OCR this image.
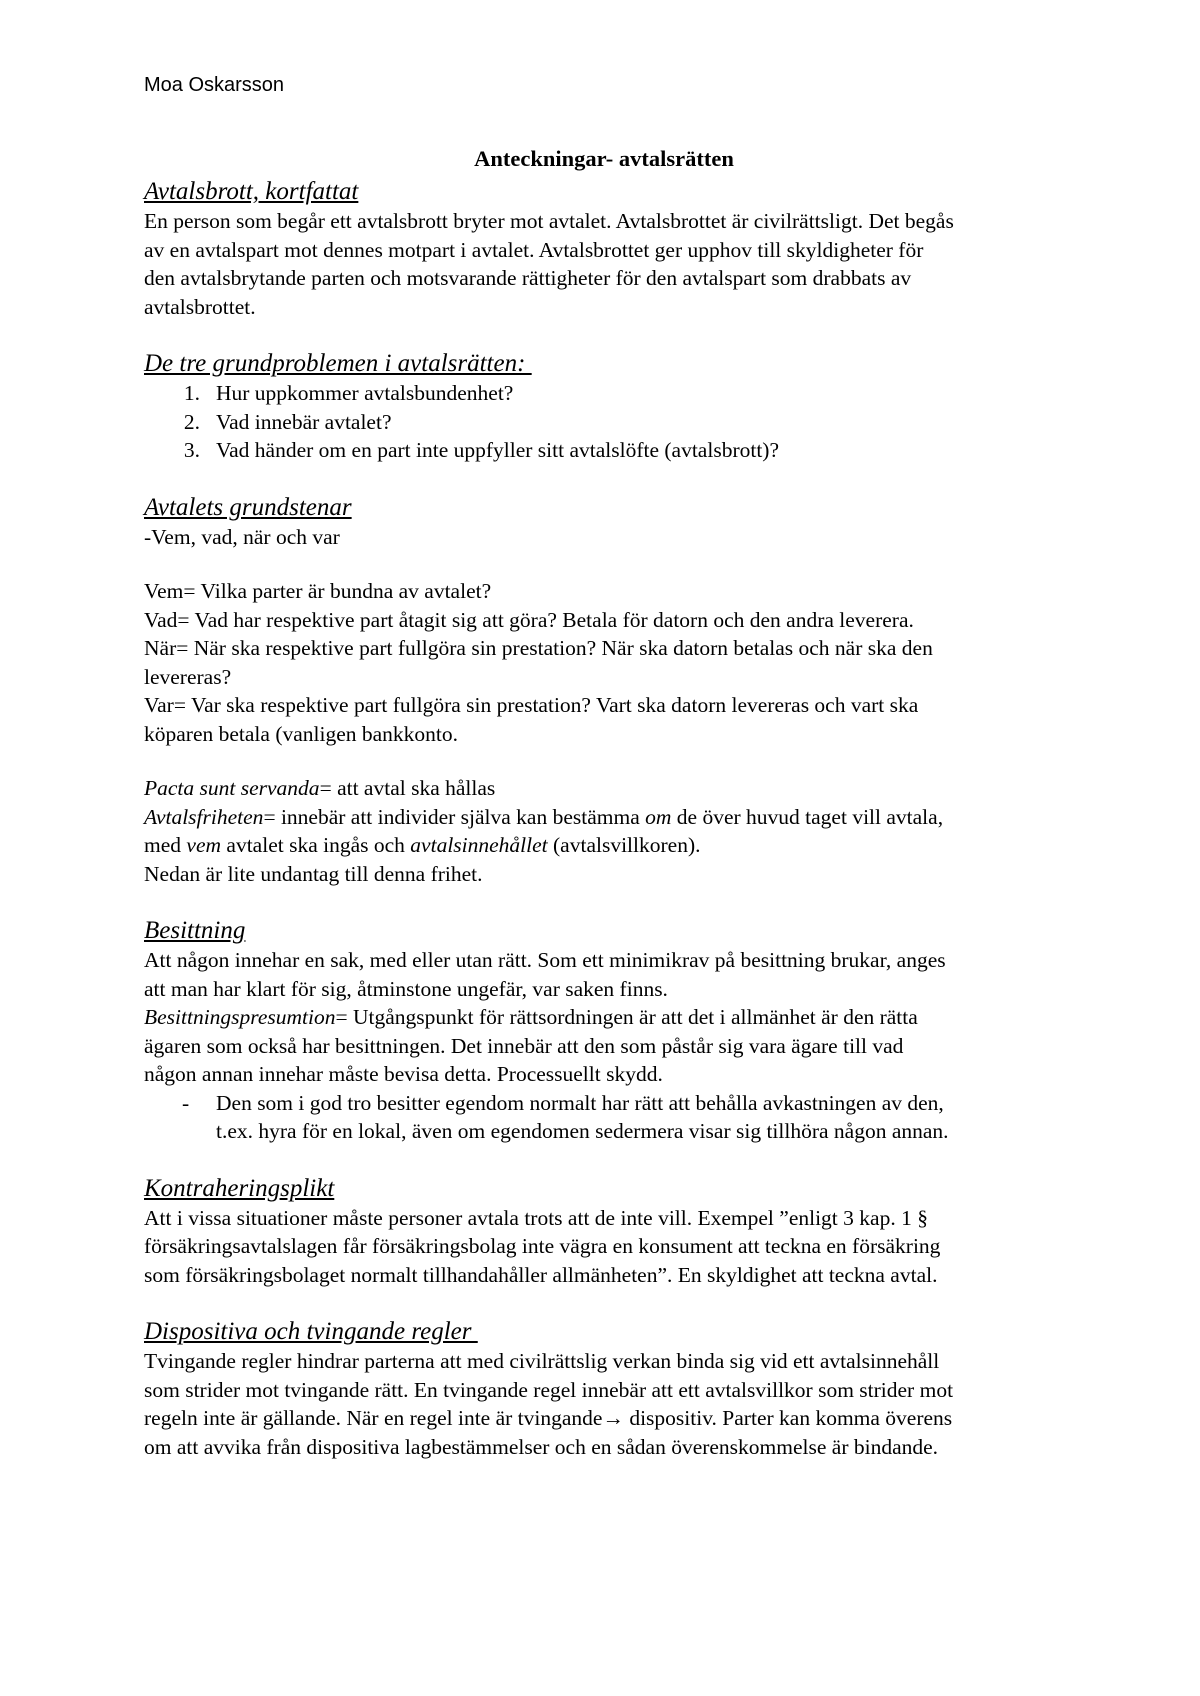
Moa Oskarsson

Anteckningar- avtalsrätten

Avtalsbrott, kortfattat

En person som begår ett avtalsbrott bryter mot avtalet. Avtalsbrottet är civilrättsligt. Det begås

av en avtalspart mot dennes motpart i avtalet. Avtalsbrottet ger upphov till skyldigheter för

den avtalsbrytande parten och motsvarande rättigheter för den avtalspart som drabbats av

avtalsbrottet.

De tre grundproblemen i avtalsrätten:

1. Hur uppkommer avtalsbundenhet?
2. Vad innebär avtalet?
3. Vad händer om en part inte uppfyller sitt avtalslöfte (avtalsbrott)?

Avtalets grundstenar

-Vem, vad, när och var

Vem= Vilka parter är bundna av avtalet?

Vad= Vad har respektive part åtagit sig att göra? Betala för datorn och den andra leverera.

När= När ska respektive part fullgöra sin prestation? När ska datorn betalas och när ska den

levereras?

Var= Var ska respektive part fullgöra sin prestation? Vart ska datorn levereras och vart ska

köparen betala (vanligen bankkonto.

Pacta sunt servanda= att avtal ska hållas

Avtalsfriheten= innebär att individer själva kan bestämma om de över huvud taget vill avtala,

med vem avtalet ska ingås och avtalsinnehållet (avtalsvillkoren).

Nedan är lite undantag till denna frihet.

Besittning

Att någon innehar en sak, med eller utan rätt. Som ett minimikrav på besittning brukar, anges

att man har klart för sig, åtminstone ungefär, var saken finns.

Besittningspresumtion= Utgångspunkt för rättsordningen är att det i allmänhet är den rätta

ägaren som också har besittningen. Det innebär att den som påstår sig vara ägare till vad

någon annan innehar måste bevisa detta. Processuellt skydd.

-	Den som i god tro besitter egendom normalt har rätt att behålla avkastningen av den,

t.ex. hyra för en lokal, även om egendomen sedermera visar sig tillhöra någon annan.

Kontraheringsplikt

Att i vissa situationer måste personer avtala trots att de inte vill. Exempel ”enligt 3 kap. 1 §

försäkringsavtalslagen får försäkringsbolag inte vägra en konsument att teckna en försäkring

som försäkringsbolaget normalt tillhandahåller allmänheten”. En skyldighet att teckna avtal.

Dispositiva och tvingande regler

Tvingande regler hindrar parterna att med civilrättslig verkan binda sig vid ett avtalsinnehåll

som strider mot tvingande rätt. En tvingande regel innebär att ett avtalsvillkor som strider mot

regeln inte är gällande. När en regel inte är tvingande→ dispositiv. Parter kan komma överens

om att avvika från dispositiva lagbestämmelser och en sådan överenskommelse är bindande.
